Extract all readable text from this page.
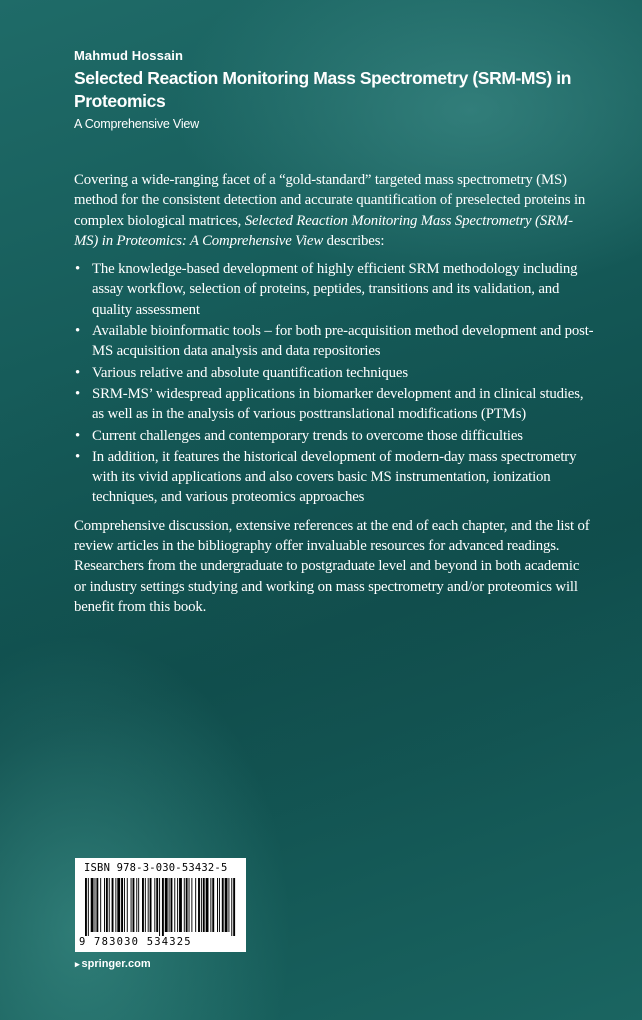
Mahmud Hossain

Selected Reaction Monitoring Mass Spectrometry (SRM-MS) in Proteomics

A Comprehensive View

Covering a wide-ranging facet of a “gold-standard” targeted mass spectrometry (MS) method for the consistent detection and accurate quantification of preselected proteins in complex biological matrices, Selected Reaction Monitoring Mass Spectrometry (SRM-MS) in Proteomics: A Comprehensive View describes:

• The knowledge-based development of highly efficient SRM methodology including assay workflow, selection of proteins, peptides, transitions and its validation, and quality assessment
• Available bioinformatic tools – for both pre-acquisition method development and post-MS acquisition data analysis and data repositories
• Various relative and absolute quantification techniques
• SRM-MS’ widespread applications in biomarker development and in clinical studies, as well as in the analysis of various posttranslational modifications (PTMs)
• Current challenges and contemporary trends to overcome those difficulties
• In addition, it features the historical development of modern-day mass spectrometry with its vivid applications and also covers basic MS instrumentation, ionization techniques, and various proteomics approaches

Comprehensive discussion, extensive references at the end of each chapter, and the list of review articles in the bibliography offer invaluable resources for advanced readings. Researchers from the undergraduate to postgraduate level and beyond in both academic or industry settings studying and working on mass spectrometry and/or proteomics will benefit from this book.

ISBN 978-3-030-53432-5
9 783030 534325
▸ springer.com
